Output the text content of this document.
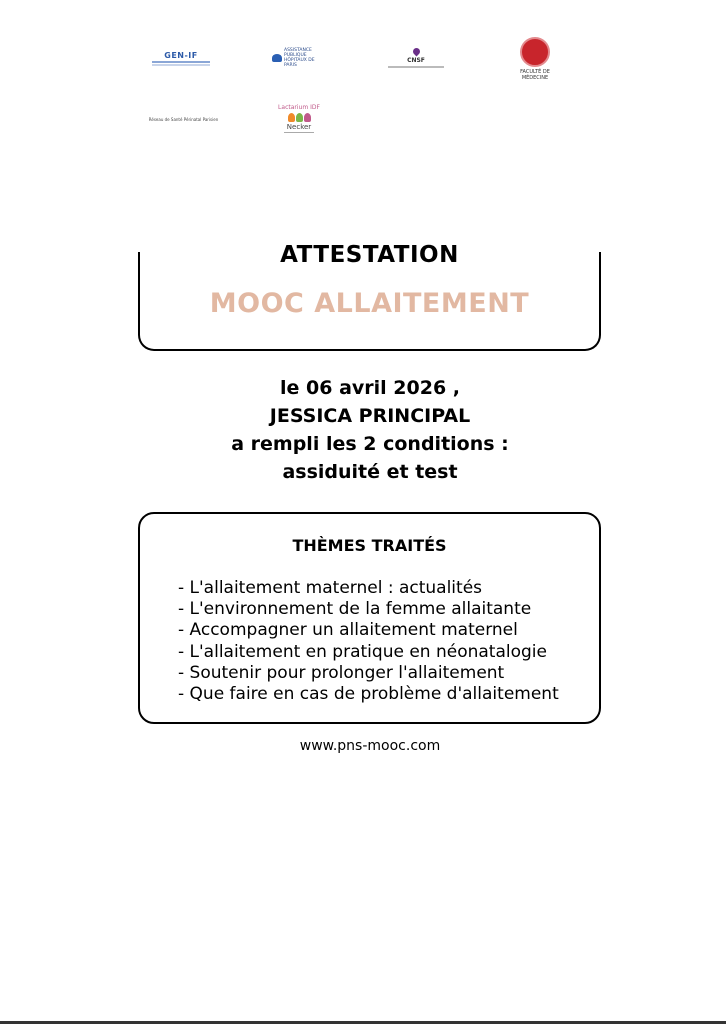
GEN-IF	ASSISTANCE PUBLIQUE HÔPITAUX DE PARIS
CNSF
FACULTÉ DE MÉDECINE
Réseau de Santé Périnatal Parisien
Lactarium IDF
Necker
ATTESTATION
MOOC ALLAITEMENT
le 06 avril 2026 ,
JESSICA PRINCIPAL
a rempli les 2 conditions :
assiduité et test
THÈMES TRAITÉS
- L'allaitement maternel : actualités
- L'environnement de la femme allaitante
- Accompagner un allaitement maternel
- L'allaitement en pratique en néonatalogie
- Soutenir pour prolonger l'allaitement
- Que faire en cas de problème d'allaitement
www.pns-mooc.com
